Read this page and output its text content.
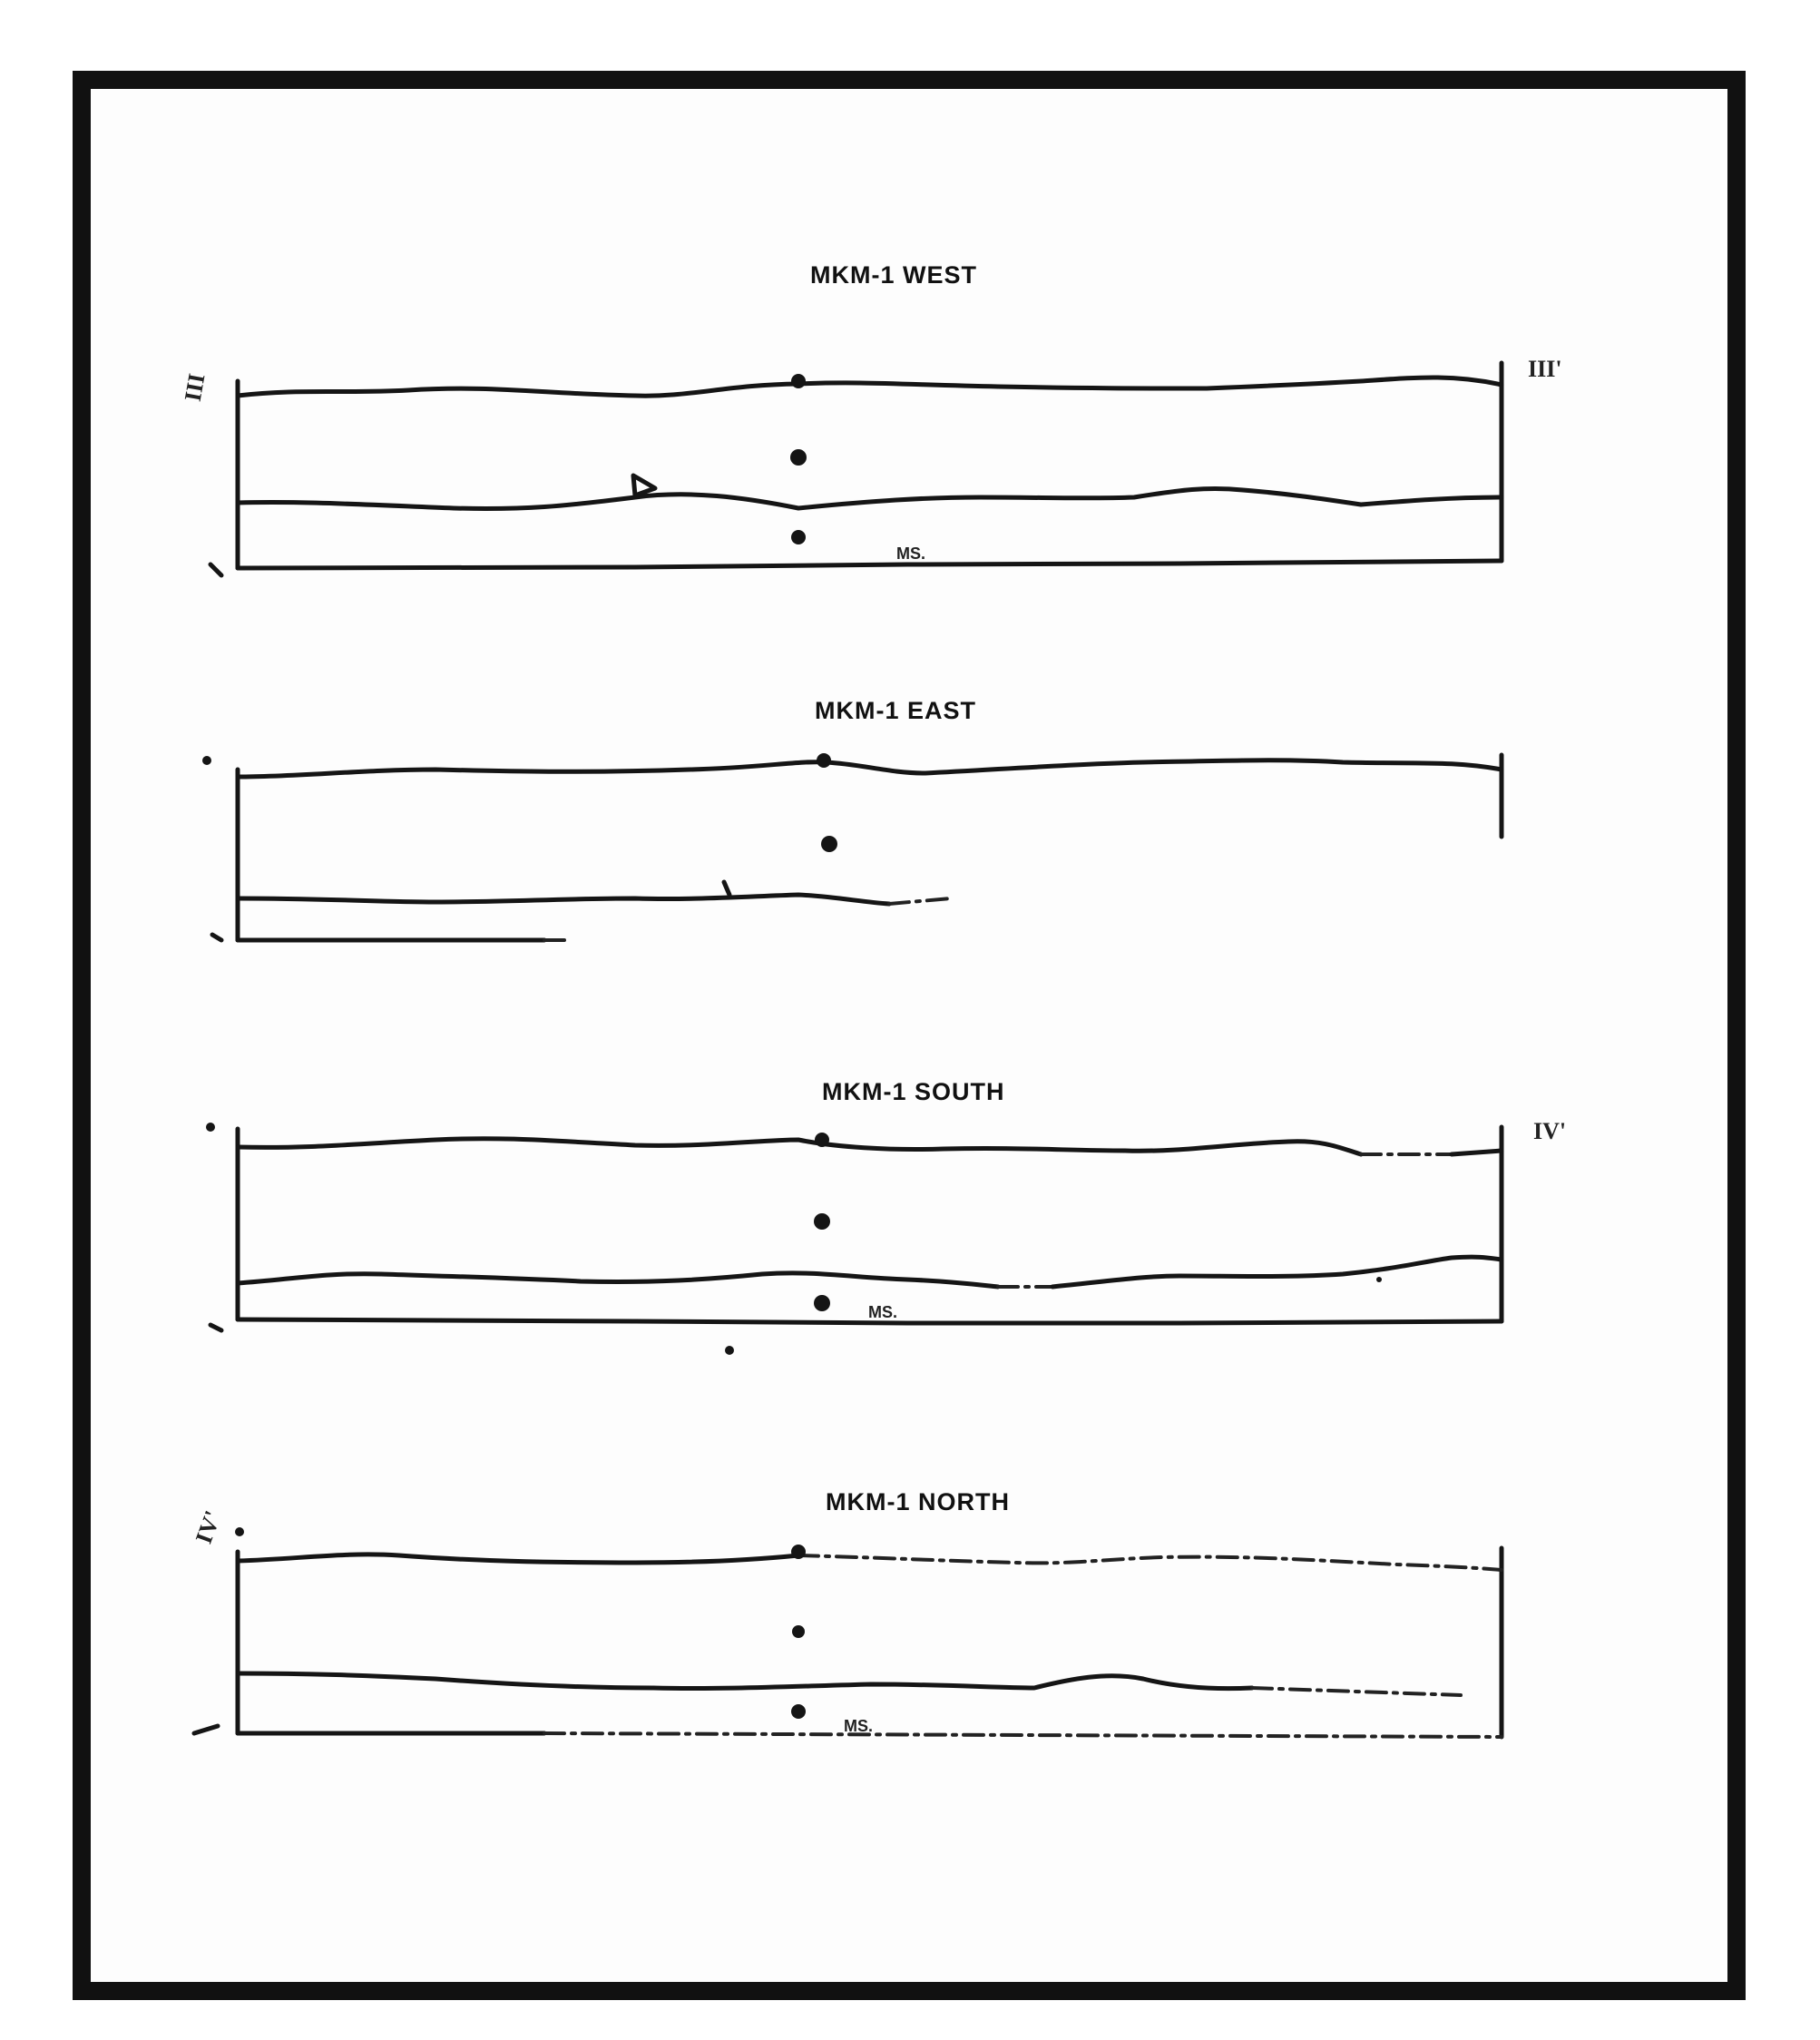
MKM-1 WEST
MKM-1 EAST
MKM-1 SOUTH
MKM-1 NORTH
III
III'
IV'
IV'
MS.
MS.
MS.
